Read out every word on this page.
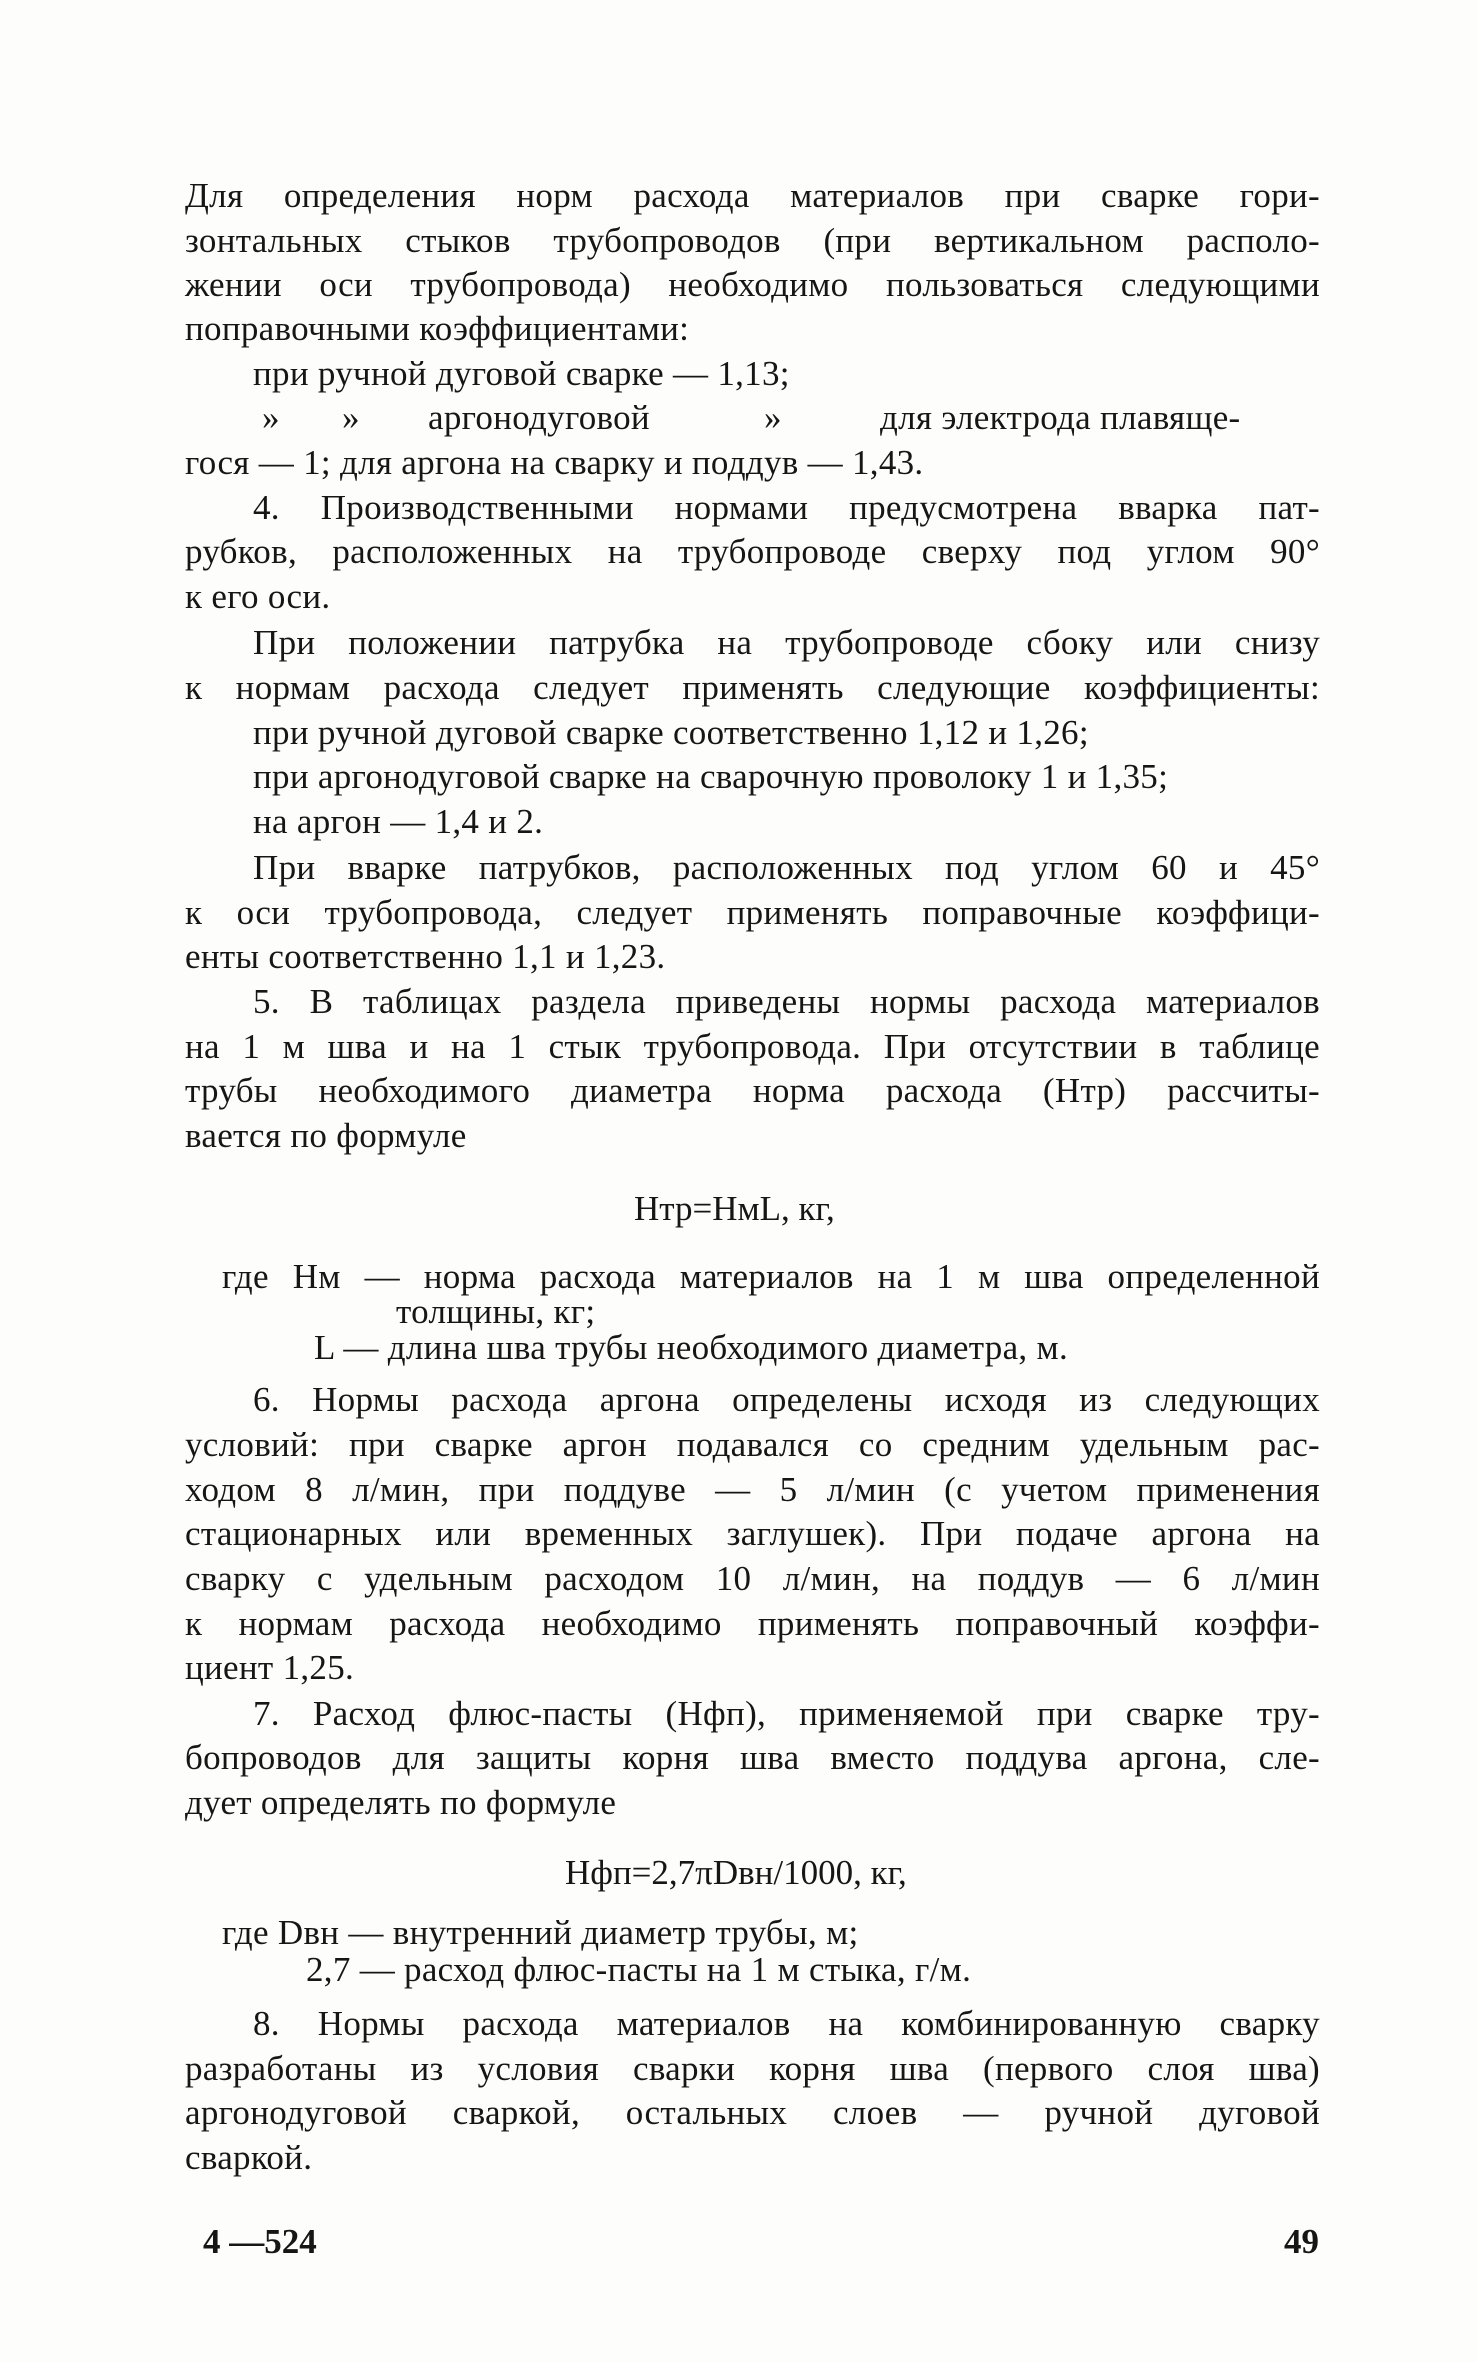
Для определения норм расхода материалов при сварке гори-
зонтальных стыков трубопроводов (при вертикальном располо-
жении оси трубопровода) необходимо пользоваться следующими
поправочными коэффициентами:
при ручной дуговой сварке — 1,13;
» » аргонодуговой	»	для электрода плавяще-
гося — 1; для аргона на сварку и поддув — 1,43.
4. Производственными нормами предусмотрена вварка пат-
рубков, расположенных на трубопроводе сверху под углом 90°
к его оси.
При положении патрубка на трубопроводе сбоку или снизу
к нормам расхода следует применять следующие коэффициенты:
при ручной дуговой сварке соответственно 1,12 и 1,26;
при аргонодуговой сварке на сварочную проволоку 1 и 1,35;
на аргон — 1,4 и 2.
При вварке патрубков, расположенных под углом 60 и 45°
к оси трубопровода, следует применять поправочные коэффици-
енты соответственно 1,1 и 1,23.
5. В таблицах раздела приведены нормы расхода материалов
на 1 м шва и на 1 стык трубопровода. При отсутствии в таблице
трубы необходимого диаметра норма расхода (Hтр) рассчиты-
вается по формуле
Hтр=HмL, кг,
где Hм — норма расхода материалов на 1 м шва определенной
толщины, кг;
L — длина шва трубы необходимого диаметра, м.
6. Нормы расхода аргона определены исходя из следующих
условий: при сварке аргон подавался со средним удельным рас-
ходом 8 л/мин, при поддуве — 5 л/мин (с учетом применения
стационарных или временных заглушек). При подаче аргона на
сварку с удельным расходом 10 л/мин, на поддув — 6 л/мин
к нормам расхода необходимо применять поправочный коэффи-
циент 1,25.
7. Расход флюс-пасты (Hфп), применяемой при сварке тру-
бопроводов для защиты корня шва вместо поддува аргона, сле-
дует определять по формуле
Hфп=2,7πDвн/1000, кг,
где Dвн — внутренний диаметр трубы, м;
2,7 — расход флюс-пасты на 1 м стыка, г/м.
8. Нормы расхода материалов на комбинированную сварку
разработаны из условия сварки корня шва (первого слоя шва)
аргонодуговой сваркой, остальных слоев — ручной дуговой
сваркой.
4 —524	49
